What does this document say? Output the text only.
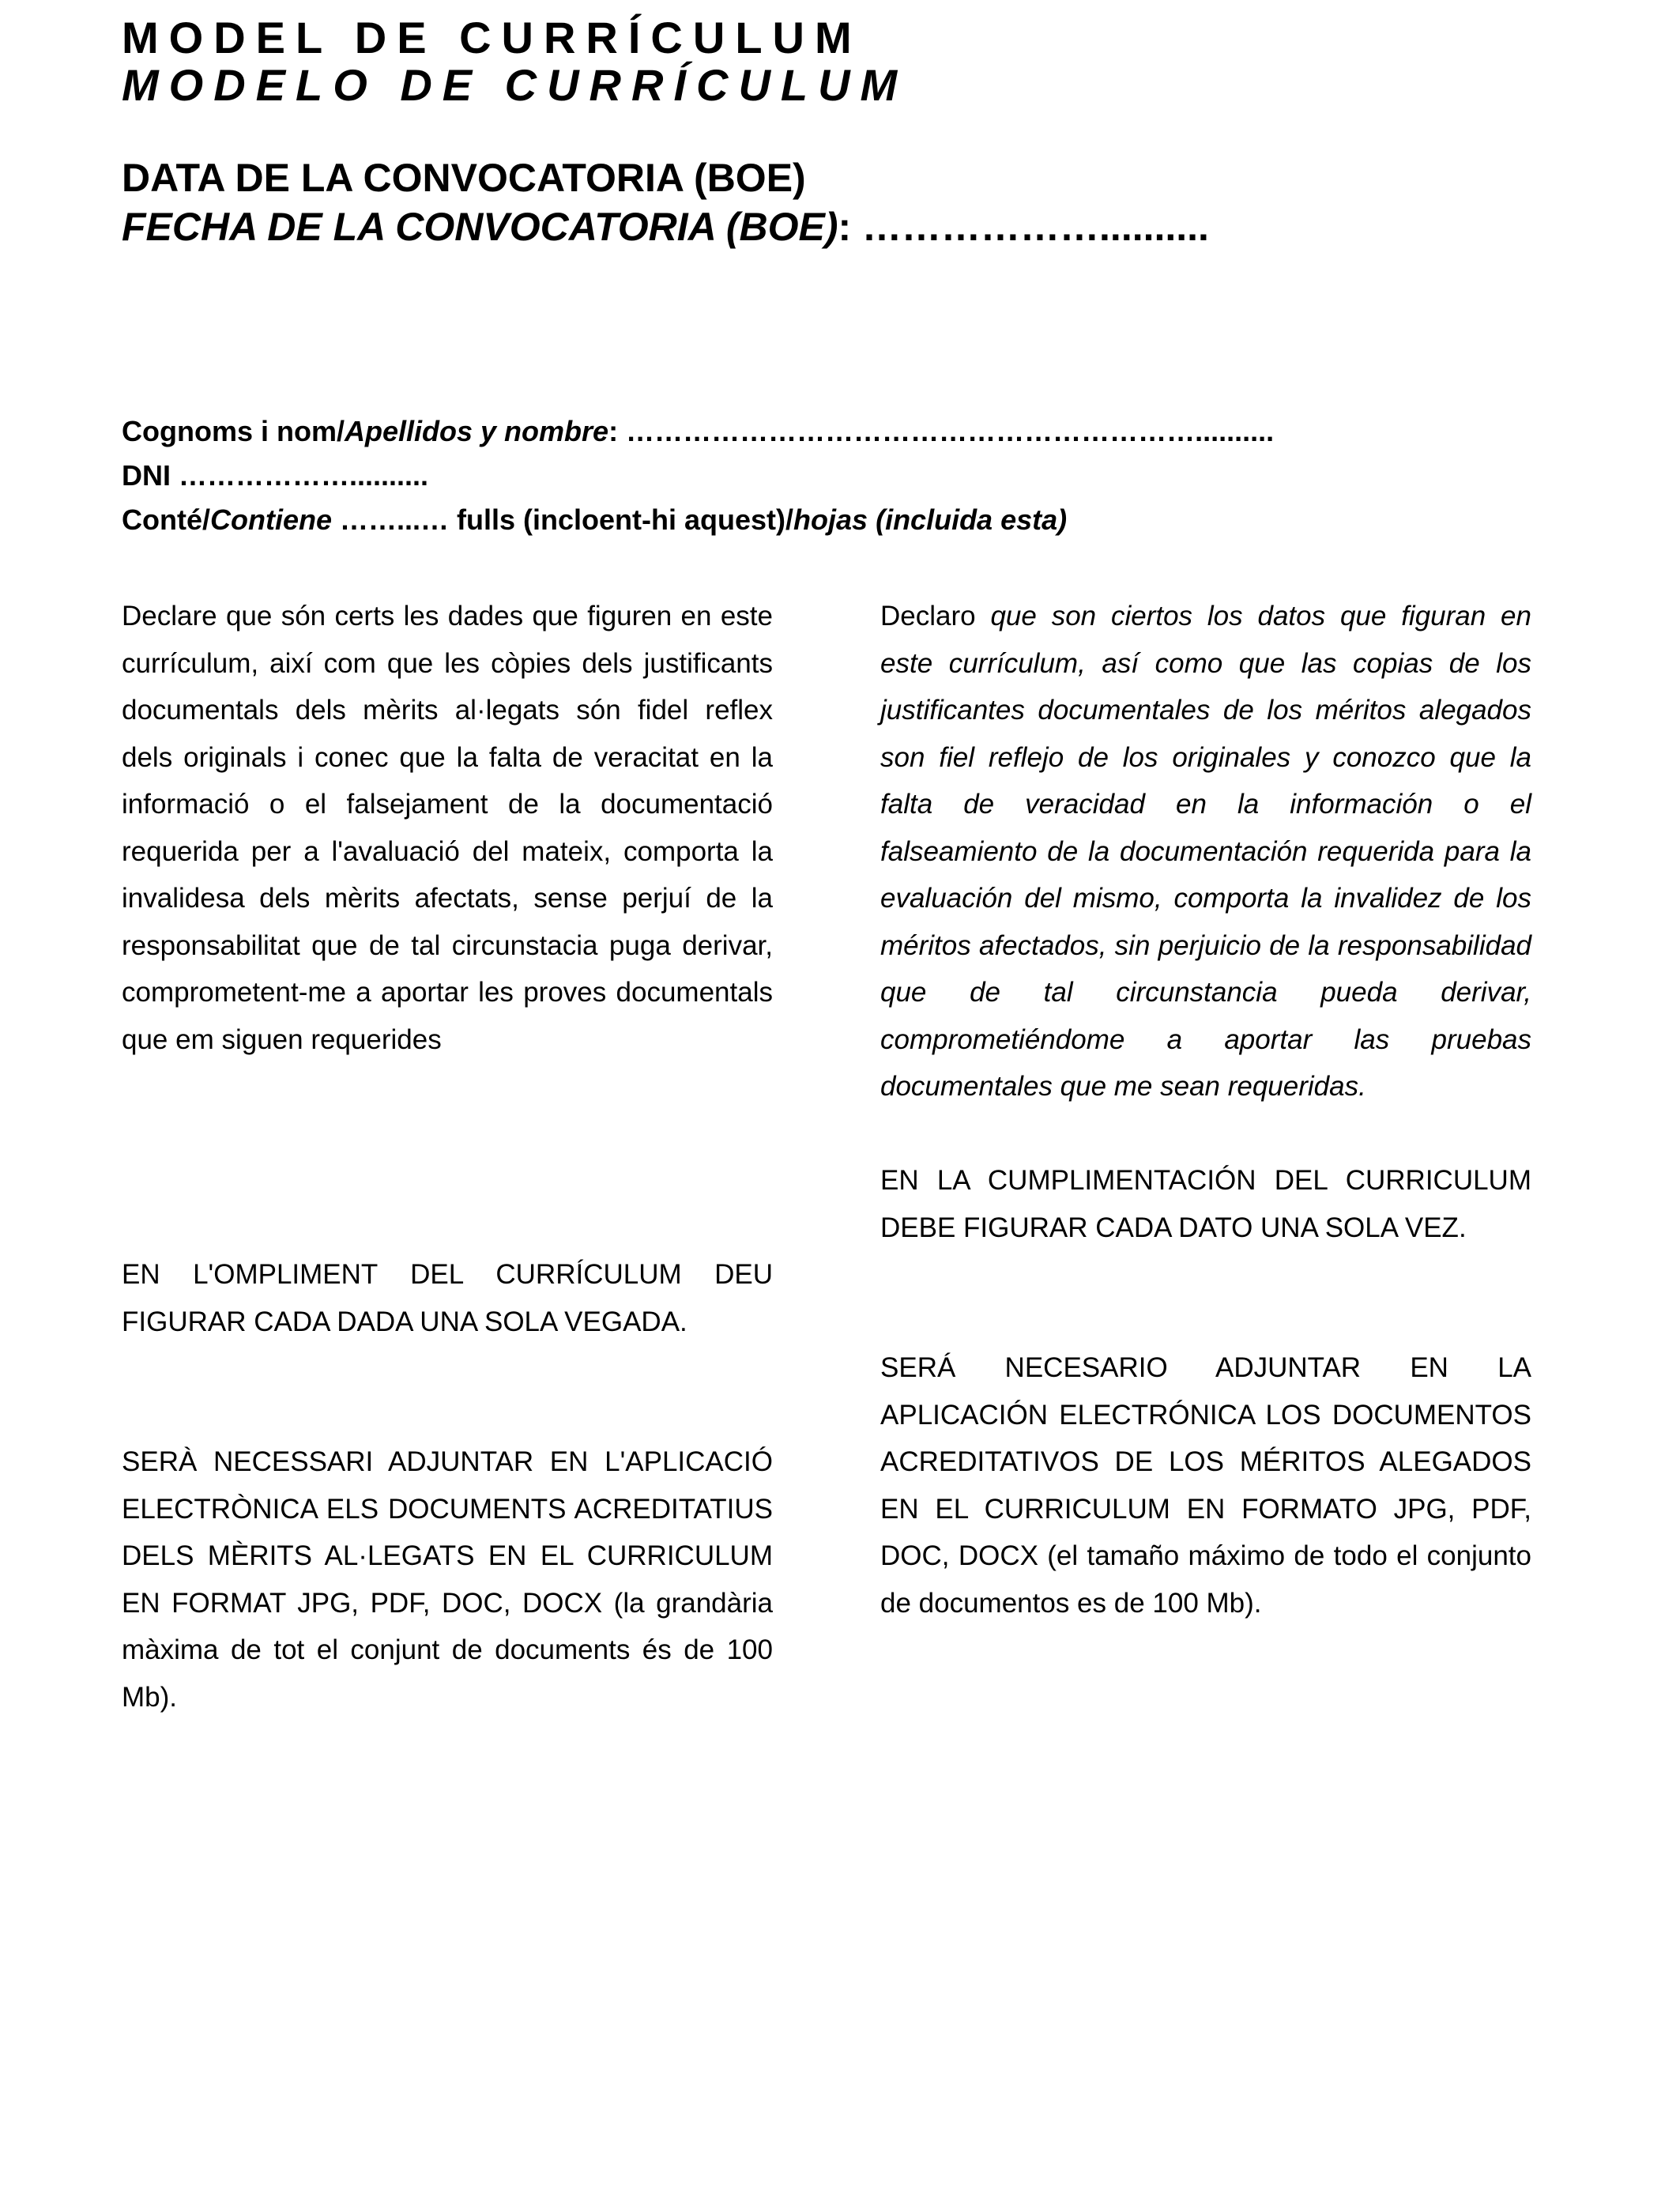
MODEL DE CURRÍCULUM
MODELO DE CURRÍCULUM
DATA DE LA CONVOCATORIA (BOE)
FECHA DE LA CONVOCATORIA (BOE): ………………..........
Cognoms i nom/Apellidos y nombre: ……………………………………………………..........
DNI ………………..........
Conté/Contiene ……...… fulls (incloent-hi aquest)/hojas (incluida esta)

Declare que són certs les dades que figuren en este currículum, així com que les còpies dels justificants documentals dels mèrits al·legats són fidel reflex dels originals i conec que la falta de veracitat en la informació o el falsejament de la documentació requerida per a l'avaluació del mateix, comporta la invalidesa dels mèrits afectats, sense perjuí de la responsabilitat que de tal circunstacia puga derivar, comprometent-me a aportar les proves documentals que em siguen requerides

EN L'OMPLIMENT DEL CURRÍCULUM DEU FIGURAR CADA DADA UNA SOLA VEGADA.

SERÀ NECESSARI ADJUNTAR EN L'APLICACIÓ ELECTRÒNICA ELS DOCUMENTS ACREDITATIUS DELS MÈRITS AL·LEGATS EN EL CURRICULUM EN FORMAT JPG, PDF, DOC, DOCX (la grandària màxima de tot el conjunt de documents és de 100 Mb).

Declaro que son ciertos los datos que figuran en este currículum, así como que las copias de los justificantes documentales de los méritos alegados son fiel reflejo de los originales y conozco que la falta de veracidad en la información o el falseamiento de la documentación requerida para la evaluación del mismo, comporta la invalidez de los méritos afectados, sin perjuicio de la responsabilidad que de tal circunstancia pueda derivar, comprometiéndome a aportar las pruebas documentales que me sean requeridas.

EN LA CUMPLIMENTACIÓN DEL CURRICULUM DEBE FIGURAR CADA DATO UNA SOLA VEZ.

SERÁ NECESARIO ADJUNTAR EN LA APLICACIÓN ELECTRÓNICA LOS DOCUMENTOS ACREDITATIVOS DE LOS MÉRITOS ALEGADOS EN EL CURRICULUM EN FORMATO JPG, PDF, DOC, DOCX (el tamaño máximo de todo el conjunto de documentos es de 100 Mb).
